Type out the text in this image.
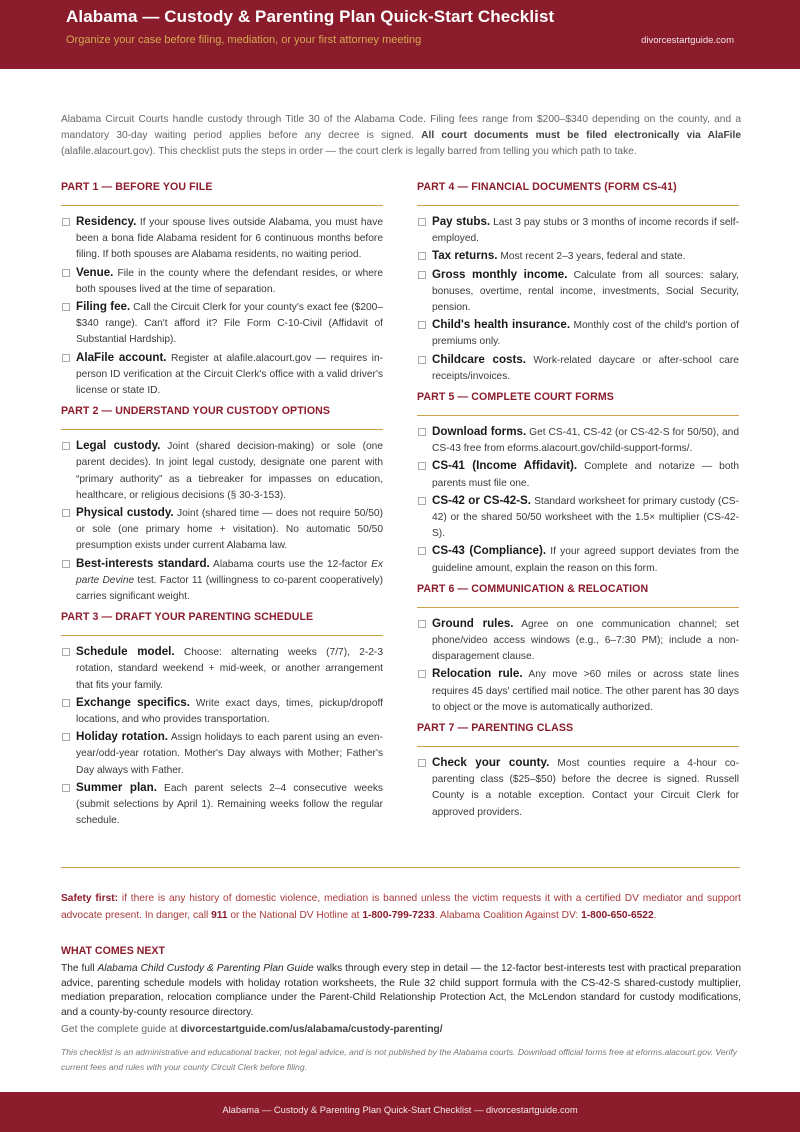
Alabama — Custody & Parenting Plan Quick-Start Checklist
Organize your case before filing, mediation, or your first attorney meeting	divorcestartguide.com
Alabama Circuit Courts handle custody through Title 30 of the Alabama Code. Filing fees range from $200–$340 depending on the county, and a mandatory 30-day waiting period applies before any decree is signed. All court documents must be filed electronically via AlaFile (alafile.alacourt.gov). This checklist puts the steps in order — the court clerk is legally barred from telling you which path to take.
PART 1 — BEFORE YOU FILE
Residency. If your spouse lives outside Alabama, you must have been a bona fide Alabama resident for 6 continuous months before filing. If both spouses are Alabama residents, no waiting period.
Venue. File in the county where the defendant resides, or where both spouses lived at the time of separation.
Filing fee. Call the Circuit Clerk for your county's exact fee ($200–$340 range). Can't afford it? File Form C-10-Civil (Affidavit of Substantial Hardship).
AlaFile account. Register at alafile.alacourt.gov — requires in-person ID verification at the Circuit Clerk's office with a valid driver's license or state ID.
PART 2 — UNDERSTAND YOUR CUSTODY OPTIONS
Legal custody. Joint (shared decision-making) or sole (one parent decides). In joint legal custody, designate one parent with “primary authority” as a tiebreaker for impasses on education, healthcare, or religious decisions (§ 30-3-153).
Physical custody. Joint (shared time — does not require 50/50) or sole (one primary home + visitation). No automatic 50/50 presumption exists under current Alabama law.
Best-interests standard. Alabama courts use the 12-factor Ex parte Devine test. Factor 11 (willingness to co-parent cooperatively) carries significant weight.
PART 3 — DRAFT YOUR PARENTING SCHEDULE
Schedule model. Choose: alternating weeks (7/7), 2-2-3 rotation, standard weekend + mid-week, or another arrangement that fits your family.
Exchange specifics. Write exact days, times, pickup/dropoff locations, and who provides transportation.
Holiday rotation. Assign holidays to each parent using an even-year/odd-year rotation. Mother's Day always with Mother; Father's Day always with Father.
Summer plan. Each parent selects 2–4 consecutive weeks (submit selections by April 1). Remaining weeks follow the regular schedule.
PART 4 — FINANCIAL DOCUMENTS (FORM CS-41)
Pay stubs. Last 3 pay stubs or 3 months of income records if self-employed.
Tax returns. Most recent 2–3 years, federal and state.
Gross monthly income. Calculate from all sources: salary, bonuses, overtime, rental income, investments, Social Security, pension.
Child's health insurance. Monthly cost of the child's portion of premiums only.
Childcare costs. Work-related daycare or after-school care receipts/invoices.
PART 5 — COMPLETE COURT FORMS
Download forms. Get CS-41, CS-42 (or CS-42-S for 50/50), and CS-43 free from eforms.alacourt.gov/child-support-forms/.
CS-41 (Income Affidavit). Complete and notarize — both parents must file one.
CS-42 or CS-42-S. Standard worksheet for primary custody (CS-42) or the shared 50/50 worksheet with the 1.5× multiplier (CS-42-S).
CS-43 (Compliance). If your agreed support deviates from the guideline amount, explain the reason on this form.
PART 6 — COMMUNICATION & RELOCATION
Ground rules. Agree on one communication channel; set phone/video access windows (e.g., 6–7:30 PM); include a non-disparagement clause.
Relocation rule. Any move >60 miles or across state lines requires 45 days' certified mail notice. The other parent has 30 days to object or the move is automatically authorized.
PART 7 — PARENTING CLASS
Check your county. Most counties require a 4-hour co-parenting class ($25–$50) before the decree is signed. Russell County is a notable exception. Contact your Circuit Clerk for approved providers.
Safety first: if there is any history of domestic violence, mediation is banned unless the victim requests it with a certified DV mediator and support advocate present. In danger, call 911 or the National DV Hotline at 1-800-799-7233. Alabama Coalition Against DV: 1-800-650-6522.
WHAT COMES NEXT
The full Alabama Child Custody & Parenting Plan Guide walks through every step in detail — the 12-factor best-interests test with practical preparation advice, parenting schedule models with holiday rotation worksheets, the Rule 32 child support formula with the CS-42-S shared-custody multiplier, mediation preparation, relocation compliance under the Parent-Child Relationship Protection Act, the McLendon standard for custody modifications, and a county-by-county resource directory.
Get the complete guide at divorcestartguide.com/us/alabama/custody-parenting/
This checklist is an administrative and educational tracker, not legal advice, and is not published by the Alabama courts. Download official forms free at eforms.alacourt.gov. Verify current fees and rules with your county Circuit Clerk before filing.
Alabama — Custody & Parenting Plan Quick-Start Checklist — divorcestartguide.com
